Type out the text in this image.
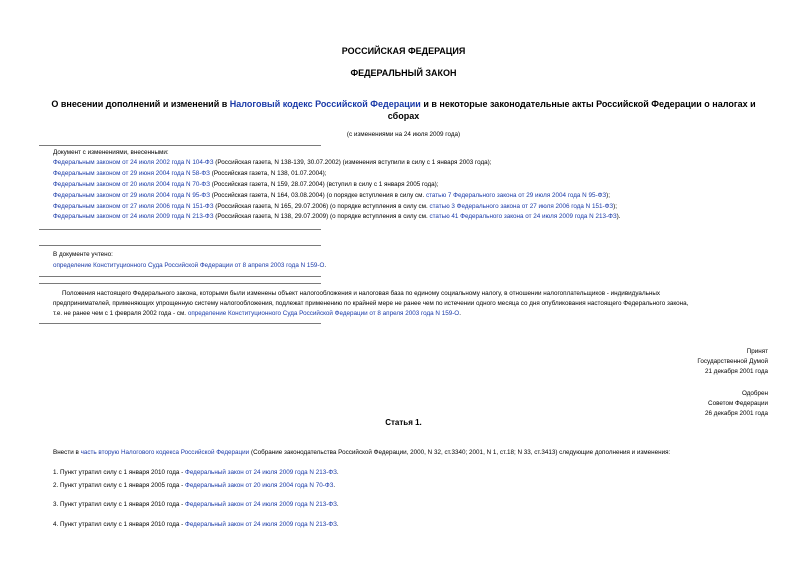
РОССИЙСКАЯ ФЕДЕРАЦИЯ
ФЕДЕРАЛЬНЫЙ ЗАКОН
О внесении дополнений и изменений в Налоговый кодекс Российской Федерации и в некоторые законодательные акты Российской Федерации о налогах и
сборах
(с изменениями на 24 июля 2009 года)
Документ с изменениями, внесенными:
Федеральным законом от 24 июля 2002 года N 104-ФЗ (Российская газета, N 138-139, 30.07.2002) (изменения вступили в силу с 1 января 2003 года);
Федеральным законом от 29 июня 2004 года N 58-ФЗ (Российская газета, N 138, 01.07.2004);
Федеральным законом от 20 июля 2004 года N 70-ФЗ (Российская газета, N 159, 28.07.2004) (вступил в силу с 1 января 2005 года);
Федеральным законом от 29 июля 2004 года N 95-ФЗ (Российская газета, N 164, 03.08.2004) (о порядке вступления в силу см. статью 7 Федерального закона от 29 июля 2004 года N 95-ФЗ);
Федеральным законом от 27 июля 2006 года N 151-ФЗ (Российская газета, N 165, 29.07.2006) (о порядке вступления в силу см. статью 3 Федерального закона от 27 июля 2006 года N 151-ФЗ);
Федеральным законом от 24 июля 2009 года N 213-ФЗ (Российская газета, N 138, 29.07.2009) (о порядке вступления в силу см. статью 41 Федерального закона от 24 июля 2009 года N 213-ФЗ).
В документе учтено:
определение Конституционного Суда Российской Федерации от 8 апреля 2003 года N 159-О.
Положения настоящего Федерального закона, которыми были изменены объект налогообложения и налоговая база по единому социальному налогу, в отношении налогоплательщиков - индивидуальных
предпринимателей, применяющих упрощенную систему налогообложения, подлежат применению по крайней мере не ранее чем по истечении одного месяца со дня опубликования настоящего Федерального закона,
т.е. не ранее чем с 1 февраля 2002 года - см. определение Конституционного Суда Российской Федерации от 8 апреля 2003 года N 159-О.
Принят
Государственной Думой
21 декабря 2001 года
Одобрен
Советом Федерации
26 декабря 2001 года
Статья 1.
Внести в часть вторую Налогового кодекса Российской Федерации (Собрание законодательства Российской Федерации, 2000, N 32, ст.3340; 2001, N 1, ст.18; N 33, ст.3413) следующие дополнения и изменения:
1. Пункт утратил силу с 1 января 2010 года - Федеральный закон от 24 июля 2009 года N 213-ФЗ.
2. Пункт утратил силу с 1 января 2005 года - Федеральный закон от 20 июля 2004 года N 70-ФЗ.
3. Пункт утратил силу с 1 января 2010 года - Федеральный закон от 24 июля 2009 года N 213-ФЗ.
4. Пункт утратил силу с 1 января 2010 года - Федеральный закон от 24 июля 2009 года N 213-ФЗ.
